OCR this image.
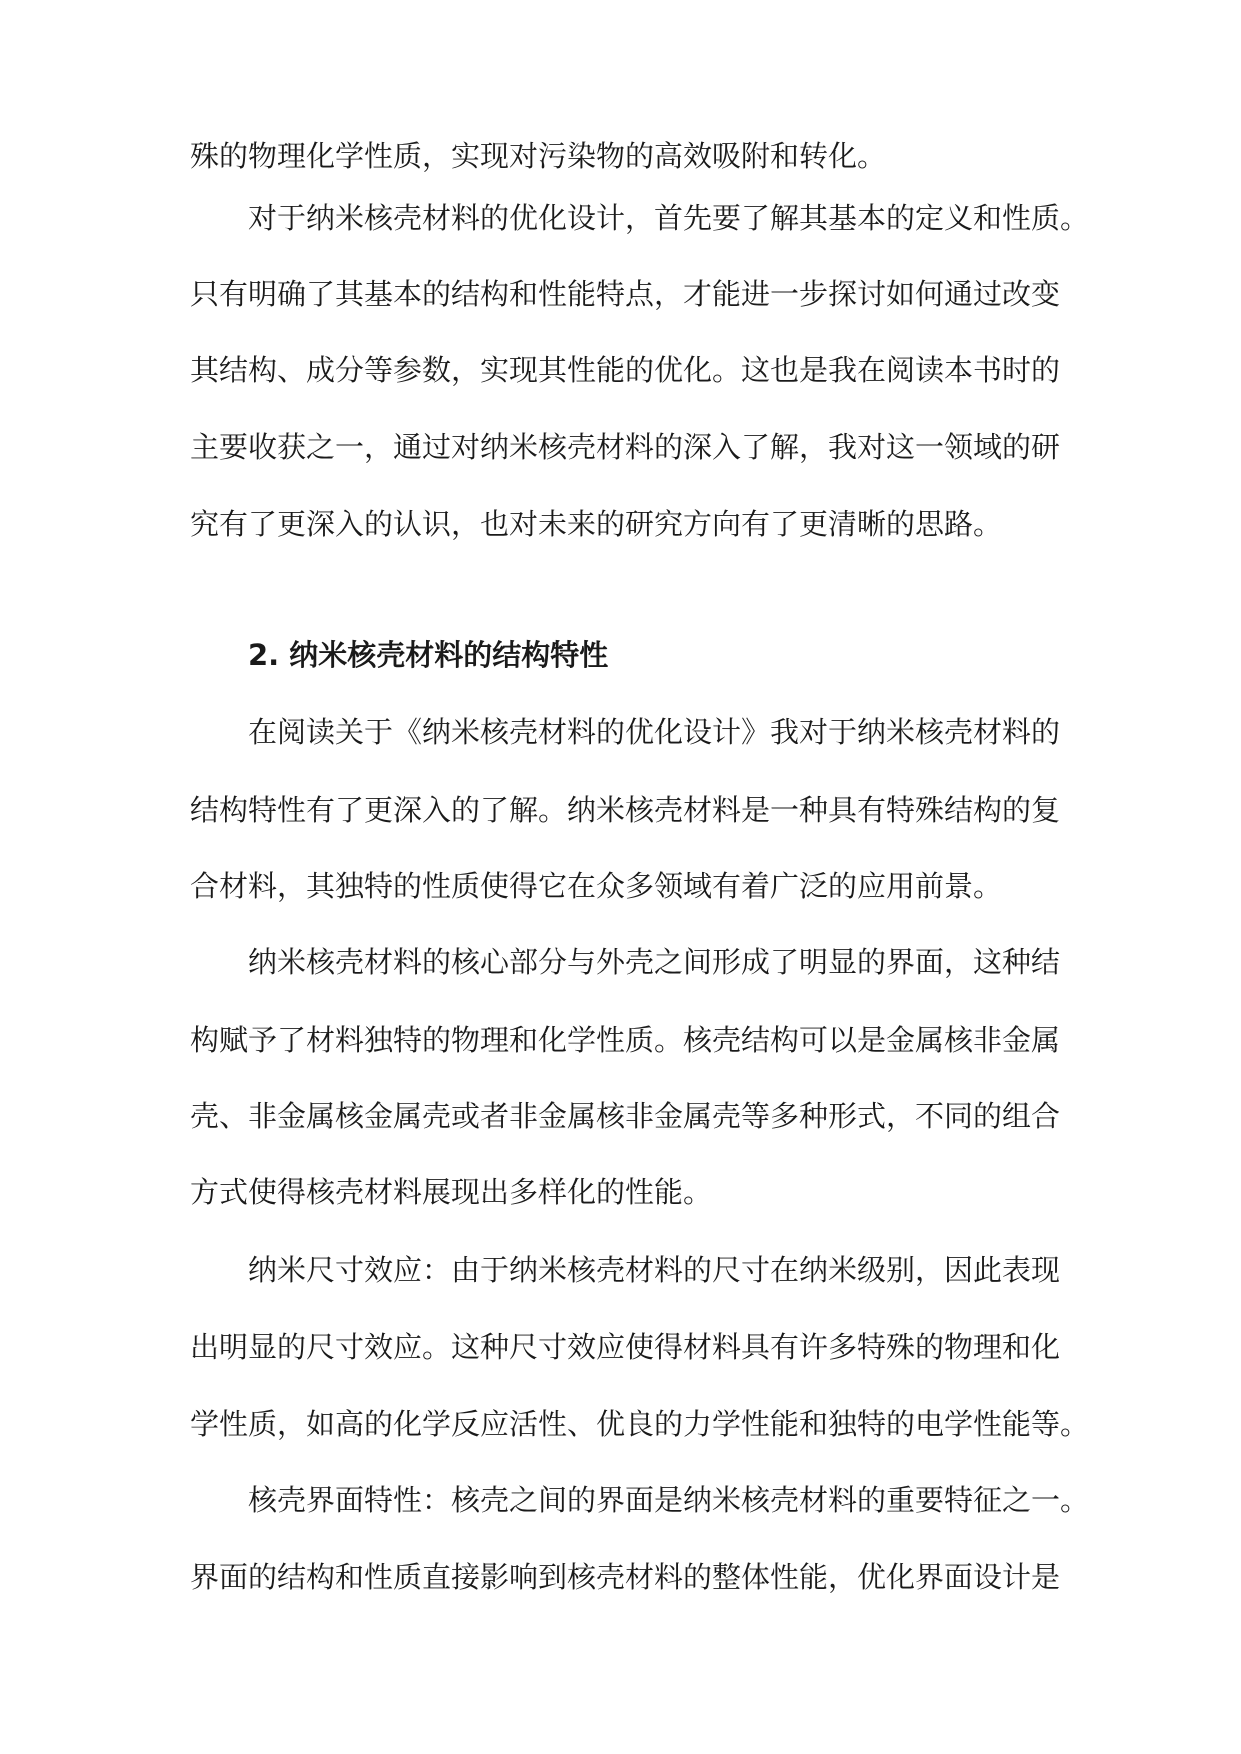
殊的物理化学性质，实现对污染物的高效吸附和转化。
对于纳米核壳材料的优化设计，首先要了解其基本的定义和性质。
只有明确了其基本的结构和性能特点，才能进一步探讨如何通过改变
其结构、成分等参数，实现其性能的优化。这也是我在阅读本书时的
主要收获之一，通过对纳米核壳材料的深入了解，我对这一领域的研
究有了更深入的认识，也对未来的研究方向有了更清晰的思路。
2. 纳米核壳材料的结构特性
在阅读关于《纳米核壳材料的优化设计》我对于纳米核壳材料的
结构特性有了更深入的了解。纳米核壳材料是一种具有特殊结构的复
合材料，其独特的性质使得它在众多领域有着广泛的应用前景。
纳米核壳材料的核心部分与外壳之间形成了明显的界面，这种结
构赋予了材料独特的物理和化学性质。核壳结构可以是金属核非金属
壳、非金属核金属壳或者非金属核非金属壳等多种形式，不同的组合
方式使得核壳材料展现出多样化的性能。
纳米尺寸效应：由于纳米核壳材料的尺寸在纳米级别，因此表现
出明显的尺寸效应。这种尺寸效应使得材料具有许多特殊的物理和化
学性质，如高的化学反应活性、优良的力学性能和独特的电学性能等。
核壳界面特性：核壳之间的界面是纳米核壳材料的重要特征之一。
界面的结构和性质直接影响到核壳材料的整体性能，优化界面设计是
